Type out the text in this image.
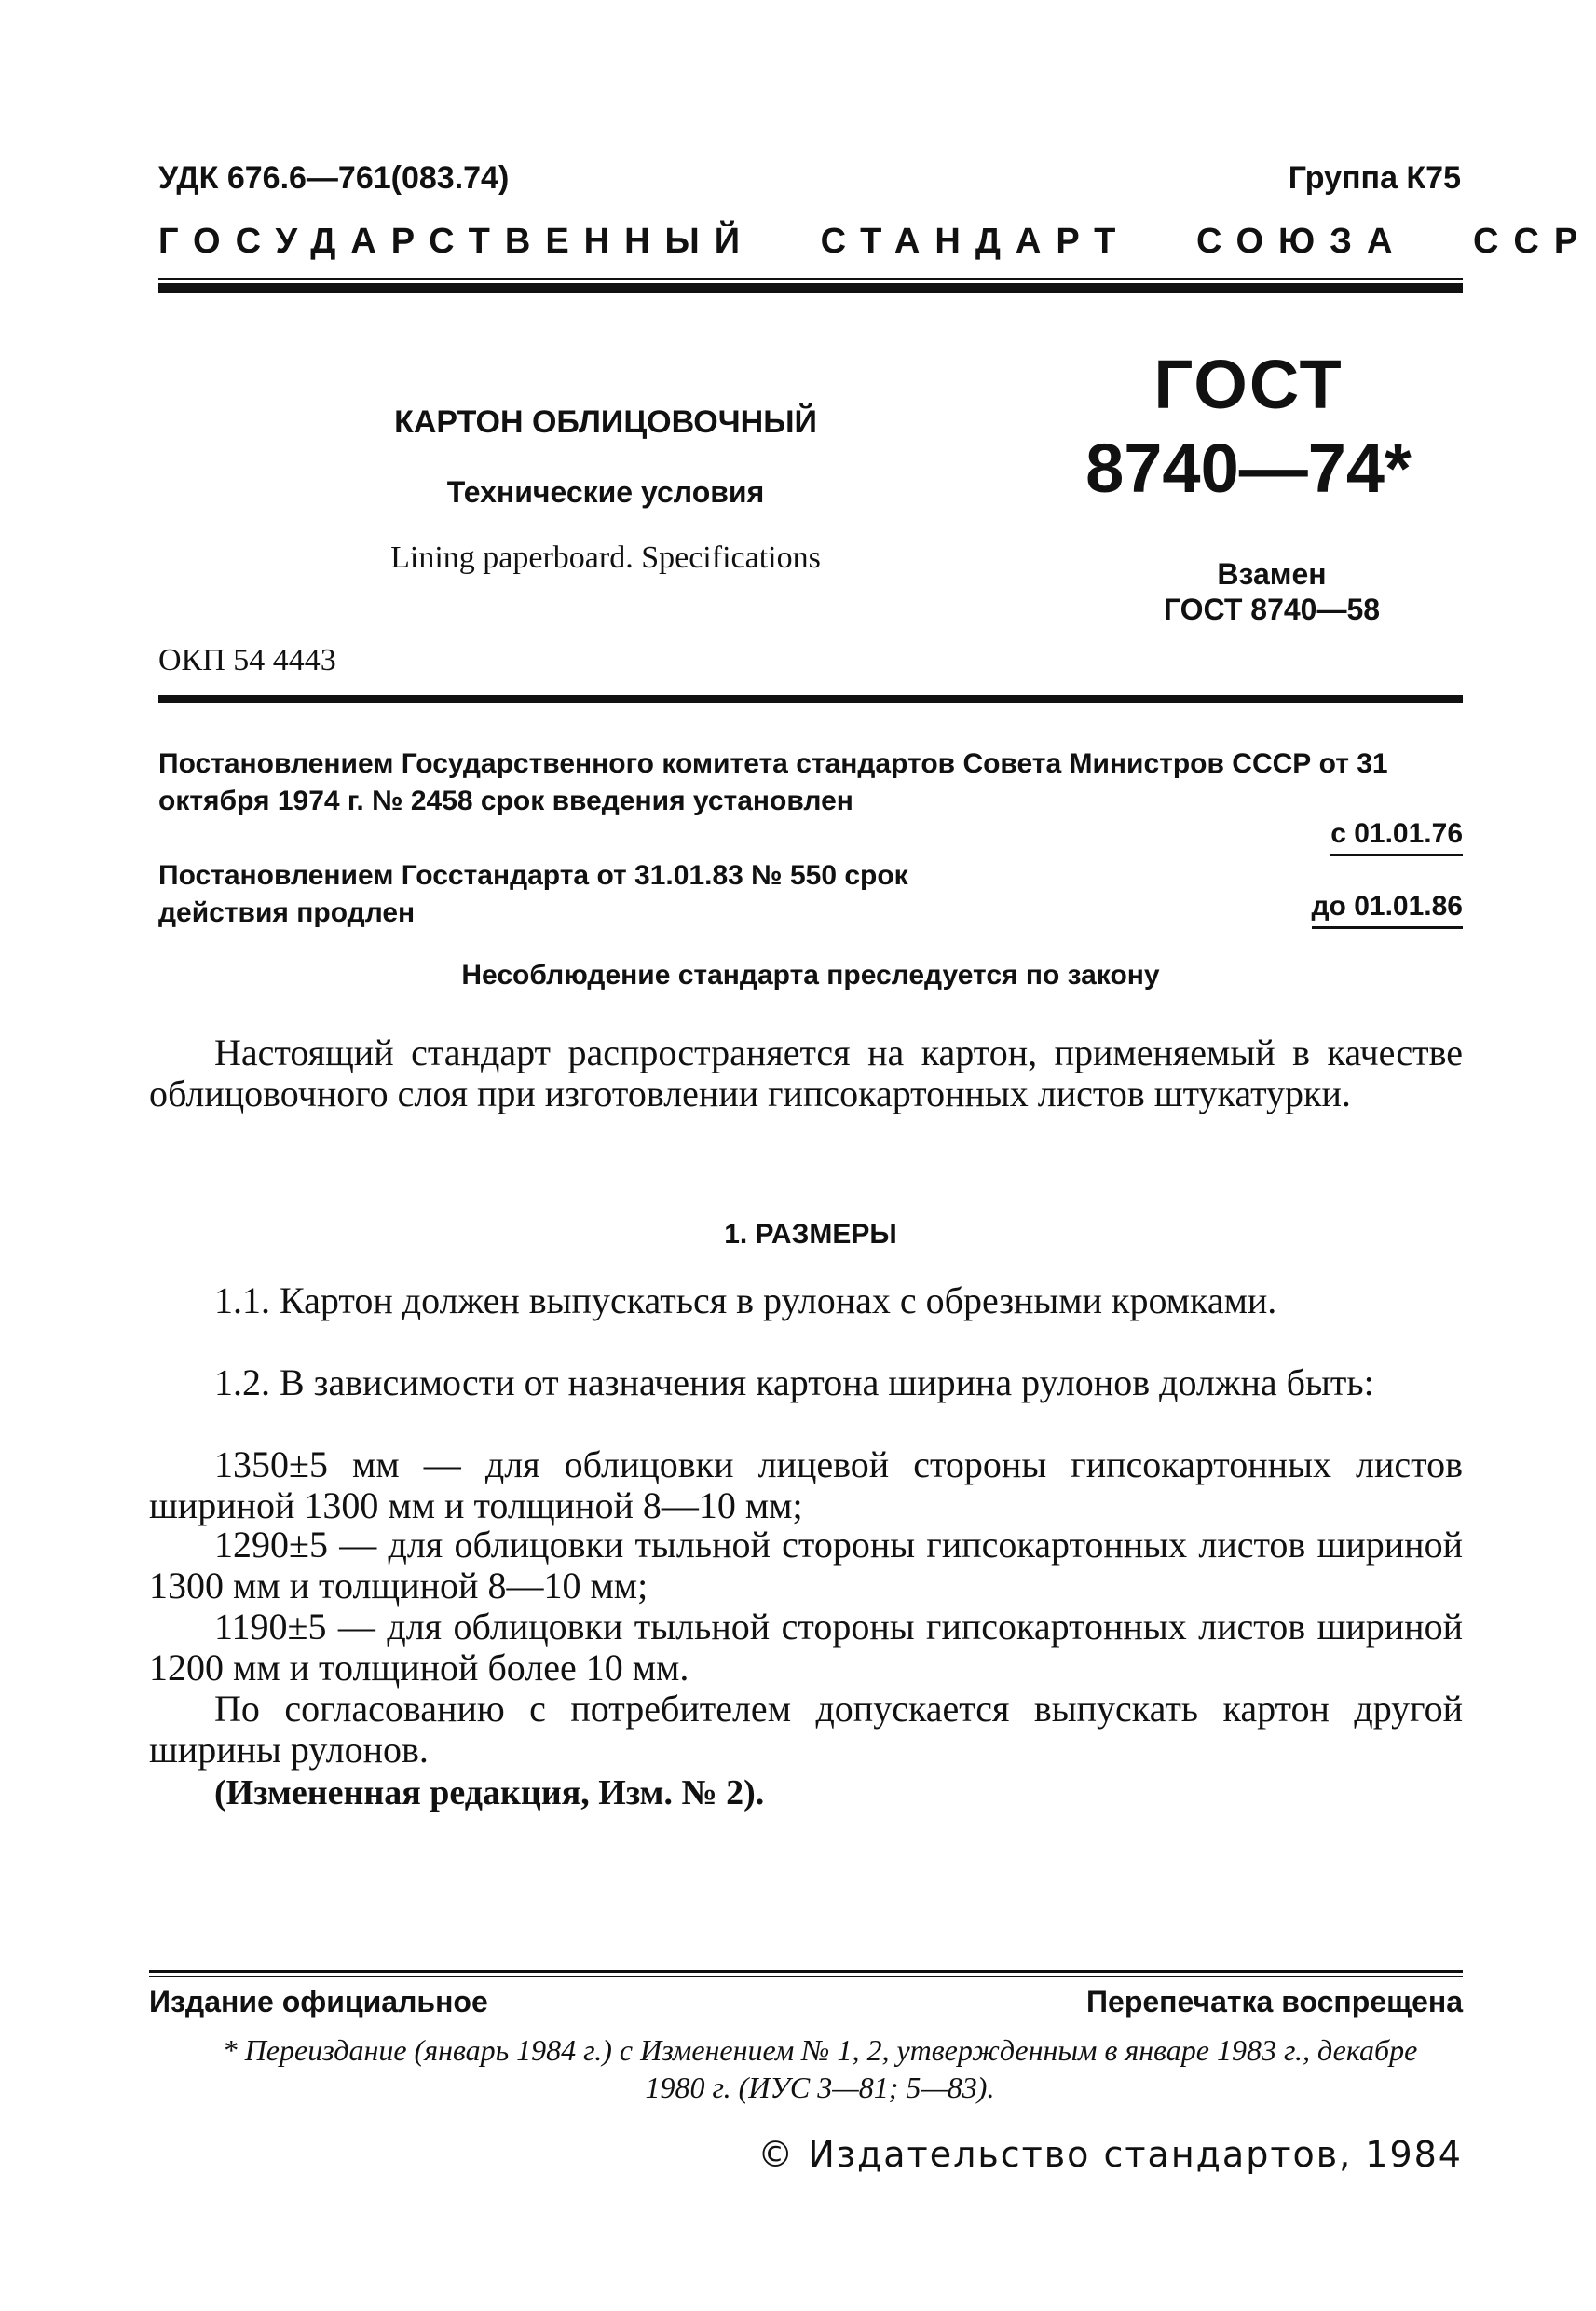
УДК 676.6—761(083.74)	Группа К75
ГОСУДАРСТВЕННЫЙ СТАНДАРТ СОЮЗА ССР
КАРТОН ОБЛИЦОВОЧНЫЙ
Технические условия
Lining paperboard. Specifications
ОКП 54 4443
ГОСТ
8740—74*
Взамен
ГОСТ 8740—58
Постановлением Государственного комитета стандартов Совета Министров СССР от 31 октября 1974 г. № 2458 срок введения установлен
с 01.01.76
Постановлением Госстандарта от 31.01.83 № 550 срок действия продлен	до 01.01.86
Несоблюдение стандарта преследуется по закону
Настоящий стандарт распространяется на картон, применяемый в качестве облицовочного слоя при изготовлении гипсокартонных листов штукатурки.
1. РАЗМЕРЫ
1.1. Картон должен выпускаться в рулонах с обрезными кромками.
1.2. В зависимости от назначения картона ширина рулонов должна быть:
1350±5 мм — для облицовки лицевой стороны гипсокартонных листов шириной 1300 мм и толщиной 8—10 мм;
1290±5 — для облицовки тыльной стороны гипсокартонных листов шириной 1300 мм и толщиной 8—10 мм;
1190±5 — для облицовки тыльной стороны гипсокартонных листов шириной 1200 мм и толщиной более 10 мм.
По согласованию с потребителем допускается выпускать картон другой ширины рулонов.
(Измененная редакция, Изм. № 2).
Издание официальное	Перепечатка воспрещена
* Переиздание (январь 1984 г.) с Изменением № 1, 2, утвержденным в январе 1983 г., декабре 1980 г. (ИУС 3—81; 5—83).
© Издательство стандартов, 1984
